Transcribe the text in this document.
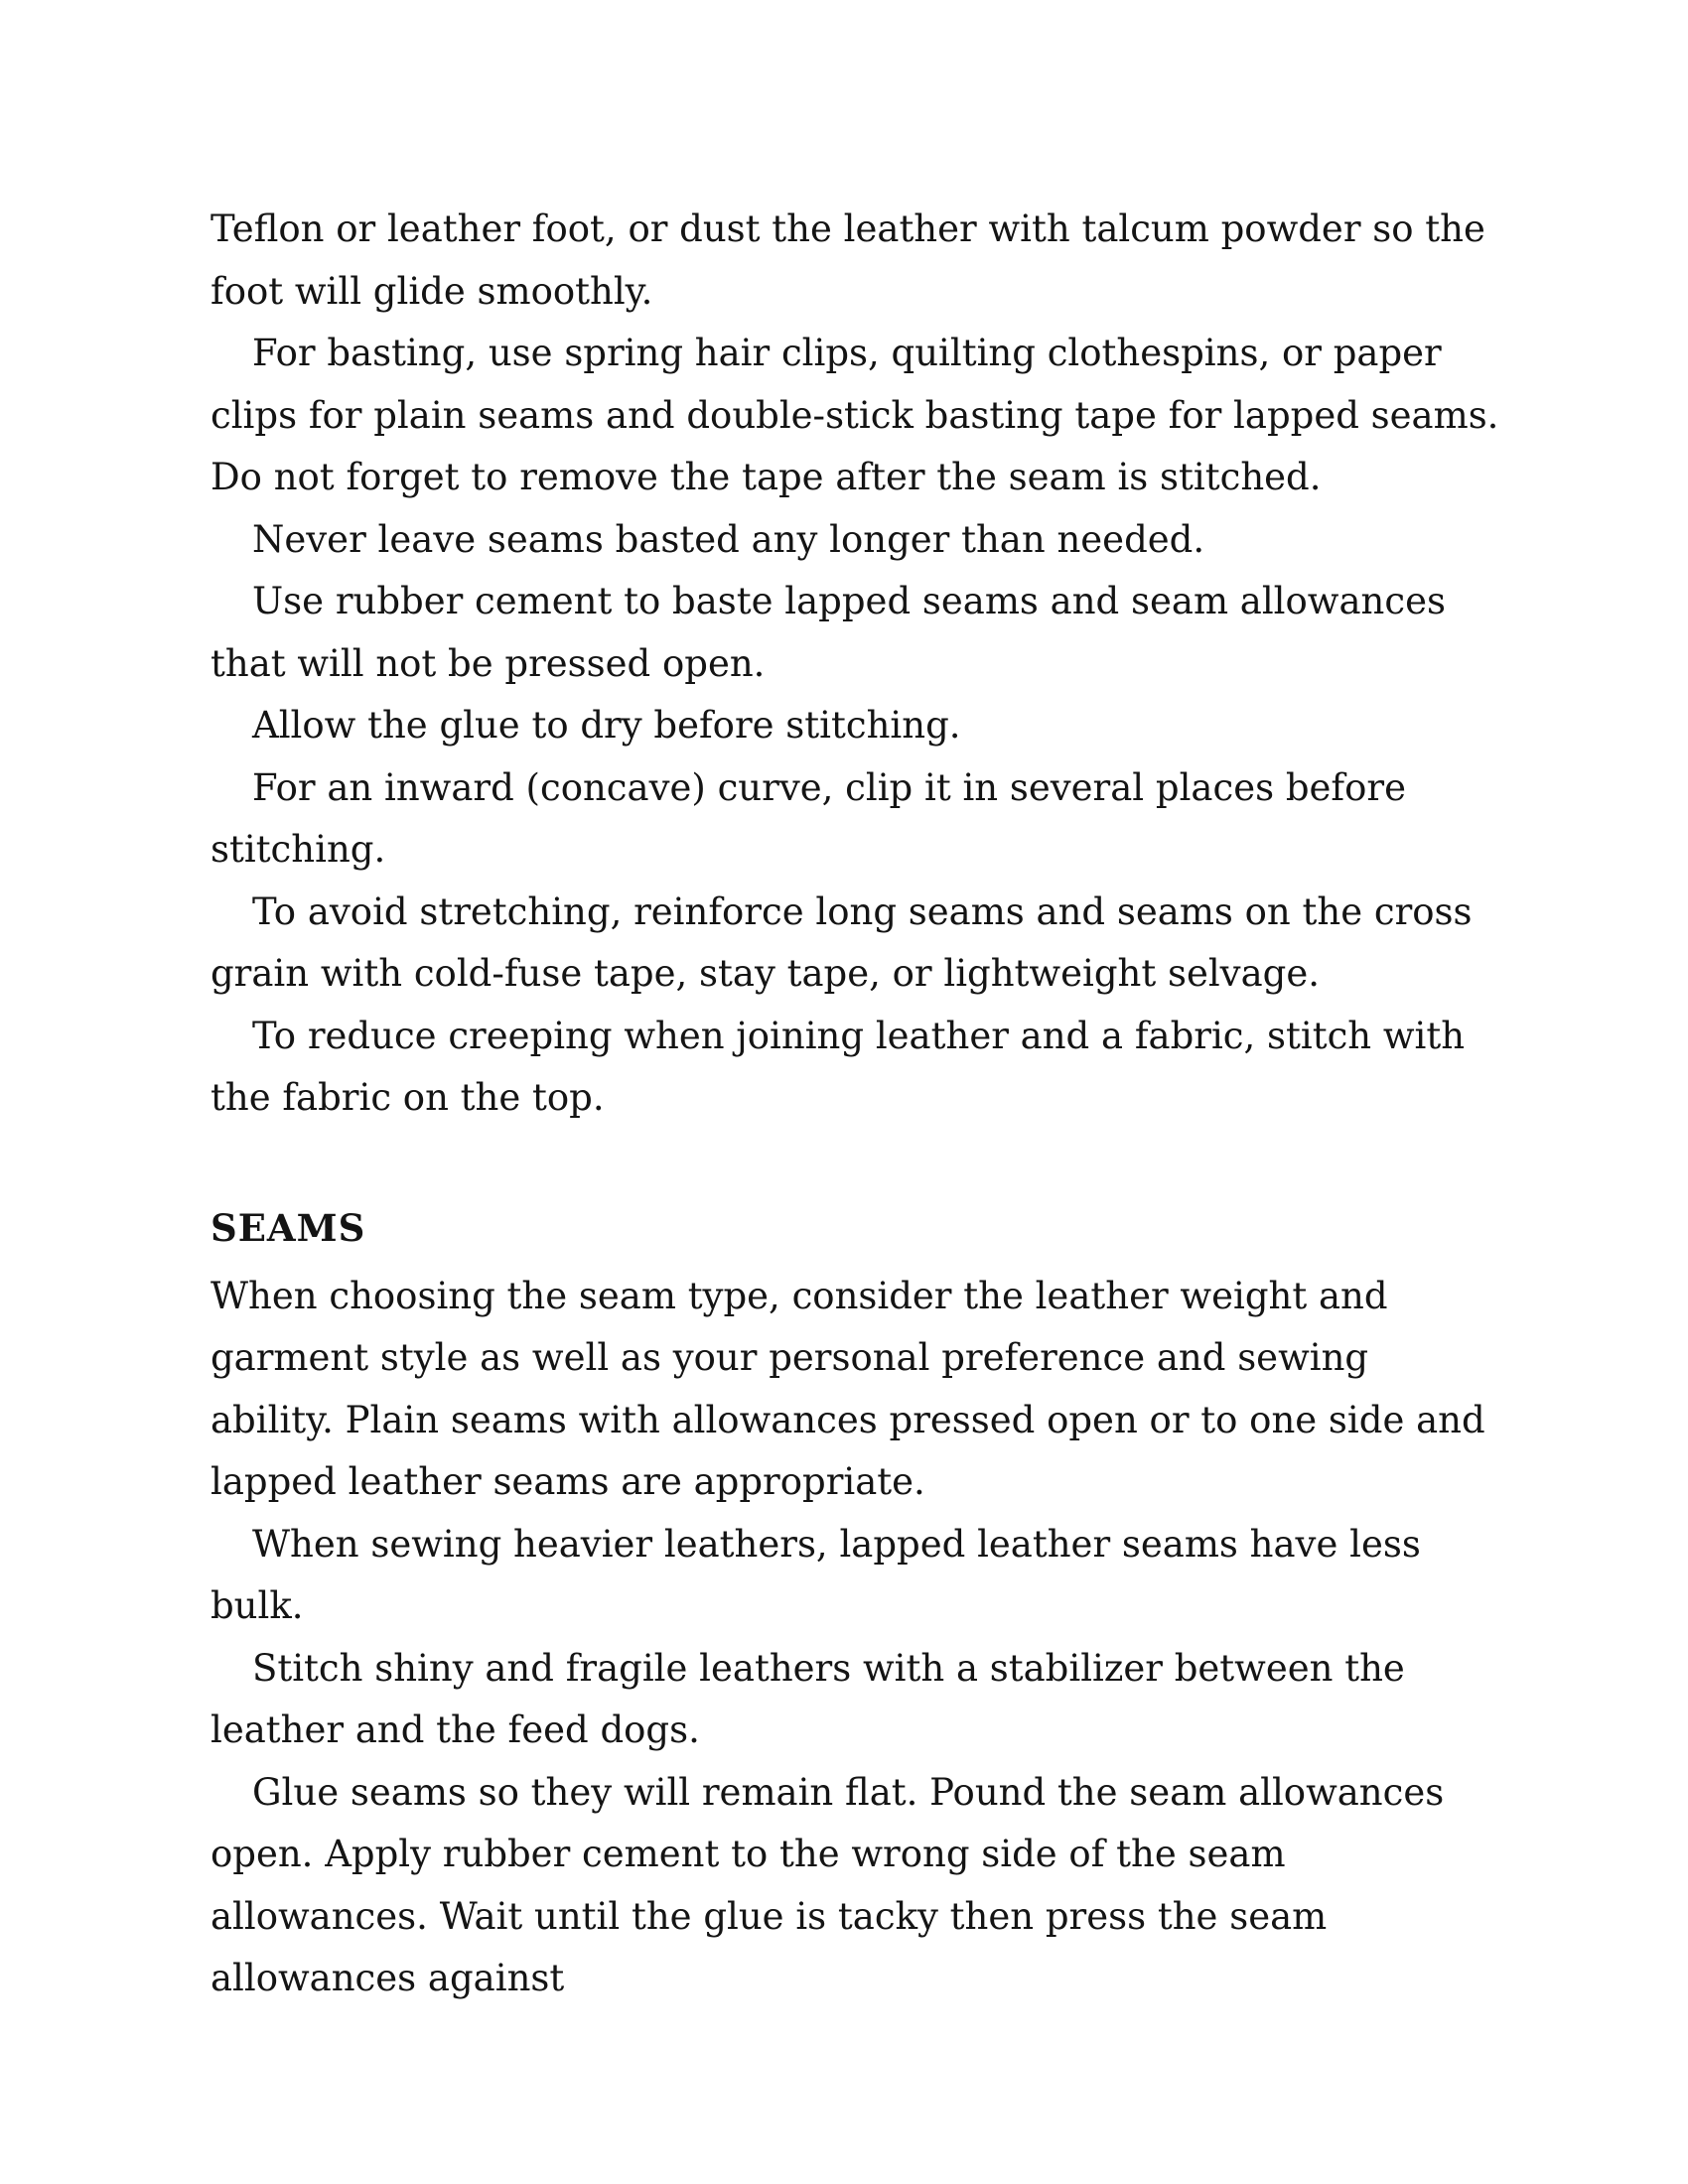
Teflon or leather foot, or dust the leather with talcum powder so the foot will glide smoothly.

For basting, use spring hair clips, quilting clothespins, or paper clips for plain seams and double-stick basting tape for lapped seams. Do not forget to remove the tape after the seam is stitched.

Never leave seams basted any longer than needed.

Use rubber cement to baste lapped seams and seam allowances that will not be pressed open.

Allow the glue to dry before stitching.

For an inward (concave) curve, clip it in several places before stitching.

To avoid stretching, reinforce long seams and seams on the cross grain with cold-fuse tape, stay tape, or lightweight selvage.

To reduce creeping when joining leather and a fabric, stitch with the fabric on the top.

SEAMS

When choosing the seam type, consider the leather weight and garment style as well as your personal preference and sewing ability. Plain seams with allowances pressed open or to one side and lapped leather seams are appropriate.

When sewing heavier leathers, lapped leather seams have less bulk.

Stitch shiny and fragile leathers with a stabilizer between the leather and the feed dogs.

Glue seams so they will remain flat. Pound the seam allowances open. Apply rubber cement to the wrong side of the seam allowances. Wait until the glue is tacky then press the seam allowances against
